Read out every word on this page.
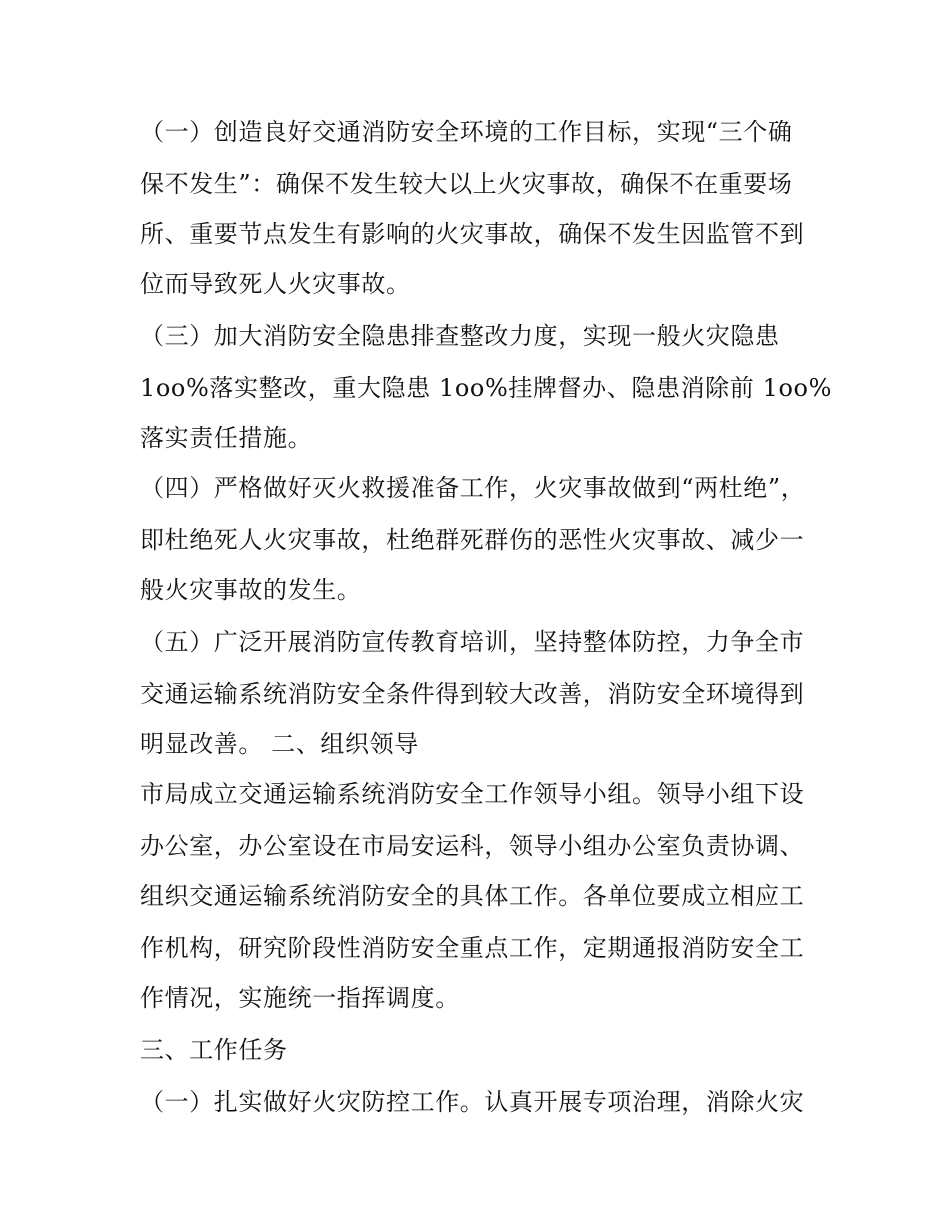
（一）创造良好交通消防安全环境的工作目标，实现“三个确
保不发生”：确保不发生较大以上火灾事故，确保不在重要场
所、重要节点发生有影响的火灾事故，确保不发生因监管不到
位而导致死人火灾事故。
（三）加大消防安全隐患排查整改力度，实现一般火灾隐患
1oo%落实整改，重大隐患 1oo%挂牌督办、隐患消除前 1oo%
落实责任措施。
（四）严格做好灭火救援准备工作，火灾事故做到“两杜绝”，
即杜绝死人火灾事故，杜绝群死群伤的恶性火灾事故、减少一
般火灾事故的发生。
（五）广泛开展消防宣传教育培训，坚持整体防控，力争全市
交通运输系统消防安全条件得到较大改善，消防安全环境得到
明显改善。 二、组织领导
市局成立交通运输系统消防安全工作领导小组。领导小组下设
办公室，办公室设在市局安运科，领导小组办公室负责协调、
组织交通运输系统消防安全的具体工作。各单位要成立相应工
作机构，研究阶段性消防安全重点工作，定期通报消防安全工
作情况，实施统一指挥调度。
三、工作任务
（一）扎实做好火灾防控工作。认真开展专项治理，消除火灾
